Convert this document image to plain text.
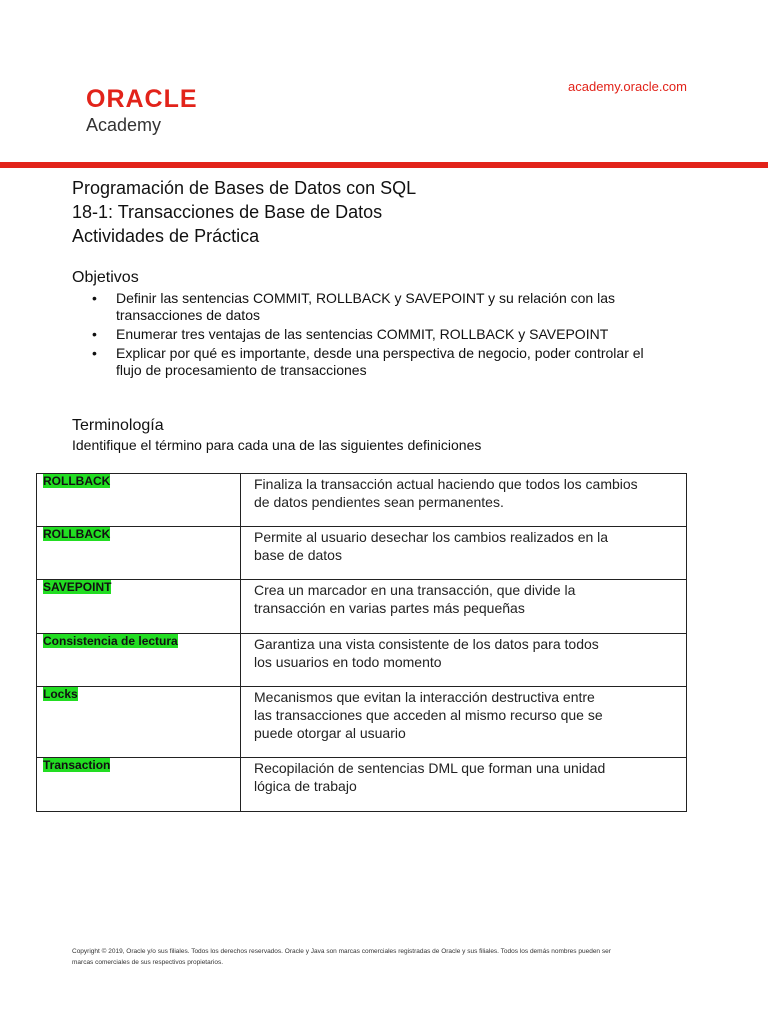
ORACLE
Academy
academy.oracle.com
Programación de Bases de Datos con SQL
18-1: Transacciones de Base de Datos
Actividades de Práctica
Objetivos
• Definir las sentencias COMMIT, ROLLBACK y SAVEPOINT y su relación con las
transacciones de datos
• Enumerar tres ventajas de las sentencias COMMIT, ROLLBACK y SAVEPOINT
• Explicar por qué es importante, desde una perspectiva de negocio, poder controlar el
flujo de procesamiento de transacciones
Terminología
Identifique el término para cada una de las siguientes definiciones
ROLLBACK	Finaliza la transacción actual haciendo que todos los cambios
de datos pendientes sean permanentes.
ROLLBACK	Permite al usuario desechar los cambios realizados en la
base de datos
SAVEPOINT	Crea un marcador en una transacción, que divide la
transacción en varias partes más pequeñas
Consistencia de lectura	Garantiza una vista consistente de los datos para todos
los usuarios en todo momento
Locks	Mecanismos que evitan la interacción destructiva entre
las transacciones que acceden al mismo recurso que se
puede otorgar al usuario
Transaction	Recopilación de sentencias DML que forman una unidad
lógica de trabajo
Copyright © 2019, Oracle y/o sus filiales. Todos los derechos reservados. Oracle y Java son marcas comerciales registradas de Oracle y sus filiales. Todos los demás nombres pueden ser
marcas comerciales de sus respectivos propietarios.
